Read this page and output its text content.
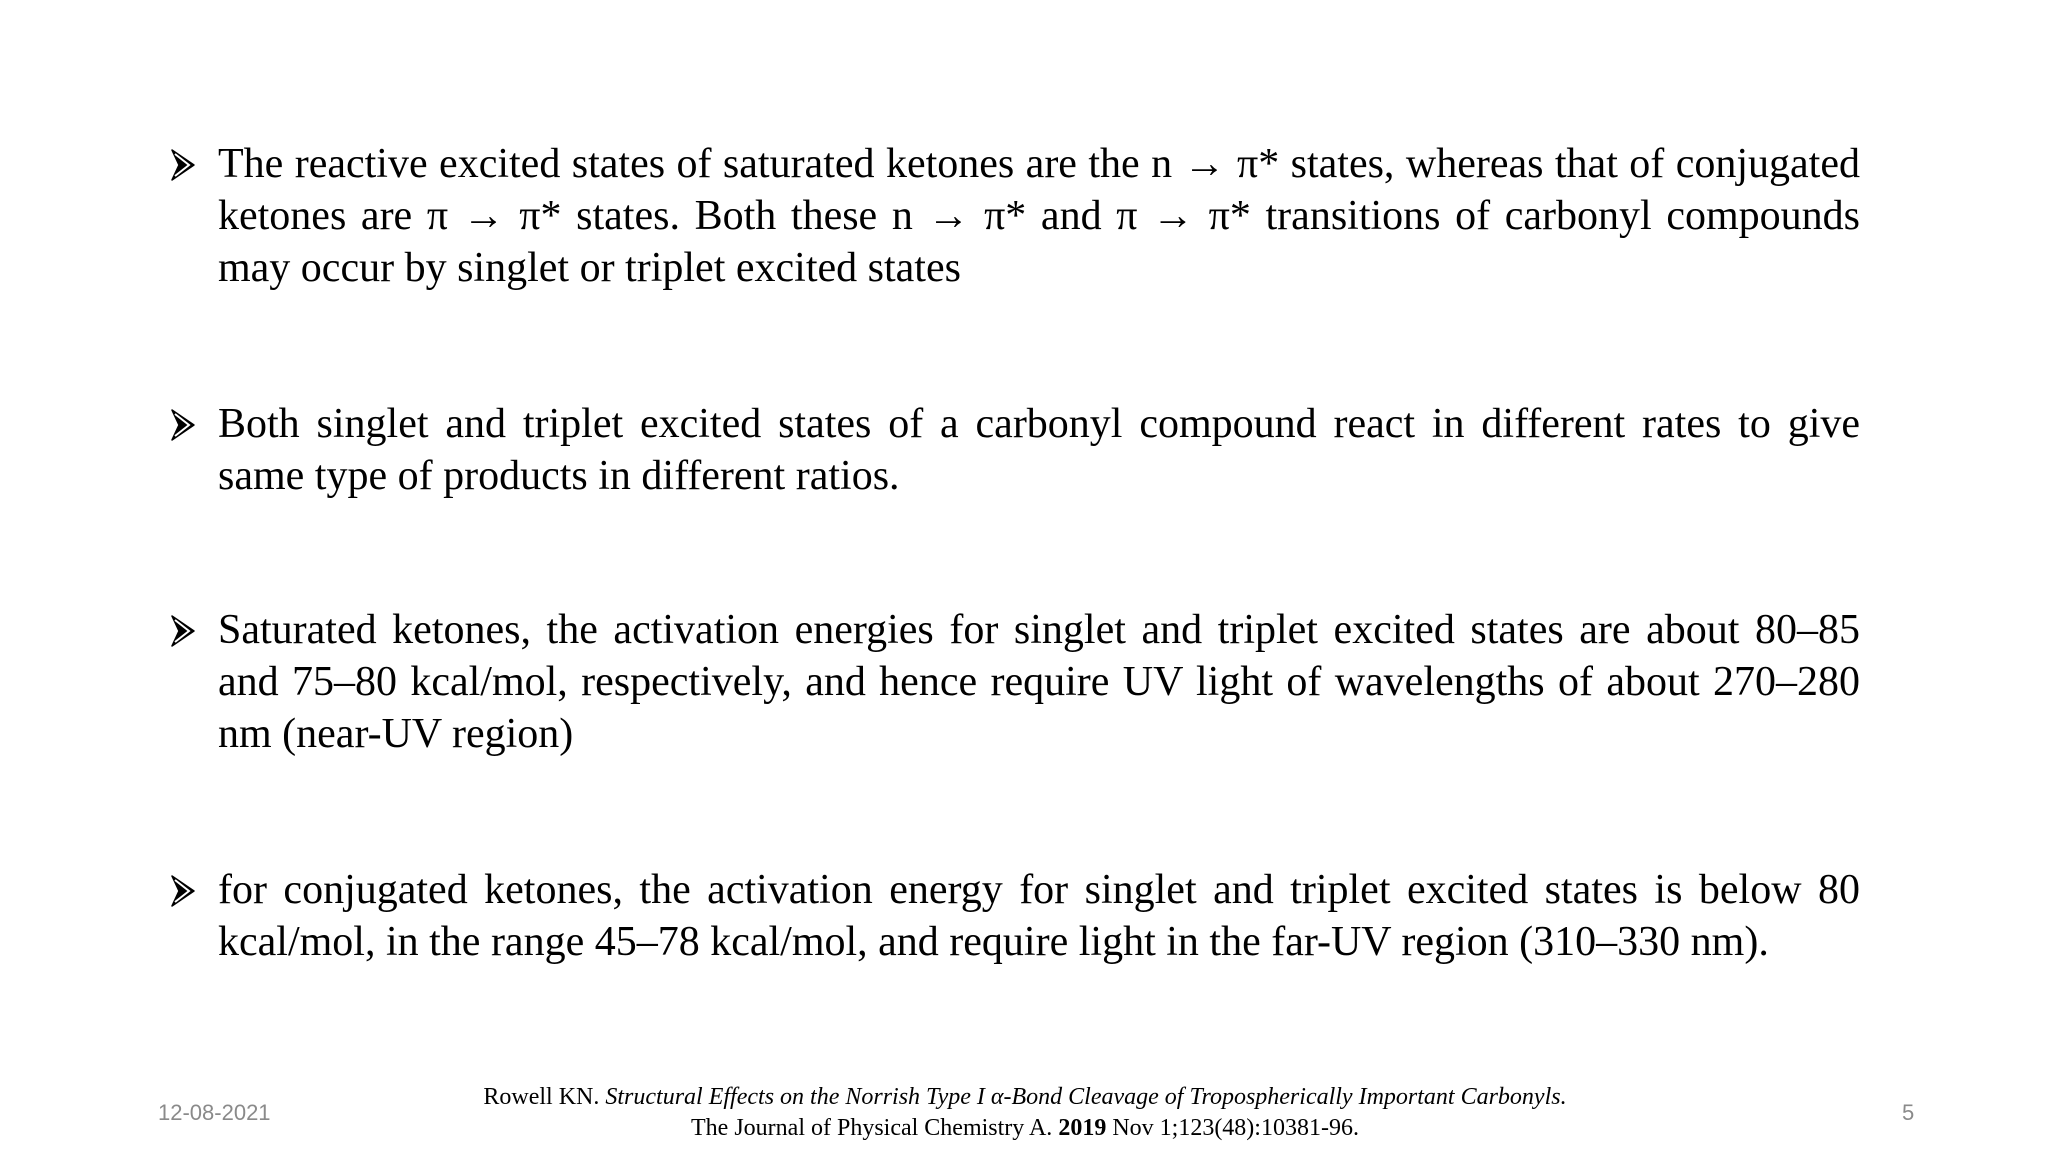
The reactive excited states of saturated ketones are the n → π* states, whereas that of conjugated ketones are π → π* states. Both these n → π* and π → π* transitions of carbonyl compounds may occur by singlet or triplet excited states

Both singlet and triplet excited states of a carbonyl compound react in different rates to give same type of products in different ratios.

Saturated ketones, the activation energies for singlet and triplet excited states are about 80–85 and 75–80 kcal/mol, respectively, and hence require UV light of wavelengths of about 270–280 nm (near-UV region)

for conjugated ketones, the activation energy for singlet and triplet excited states is below 80 kcal/mol, in the range 45–78 kcal/mol, and require light in the far-UV region (310–330 nm).

12-08-2021
Rowell KN. Structural Effects on the Norrish Type I α-Bond Cleavage of Tropospherically Important Carbonyls.
The Journal of Physical Chemistry A. 2019 Nov 1;123(48):10381-96.
5
